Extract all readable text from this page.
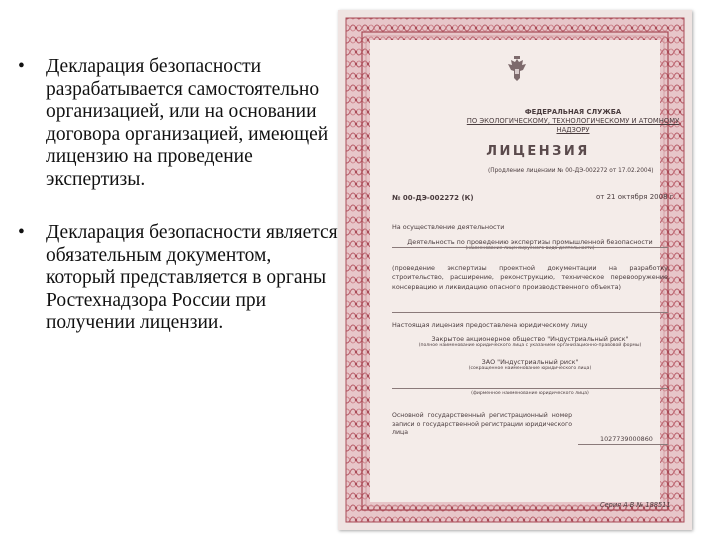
• Декларация безопасности разрабатывается самостоятельно организацией, или на основании договора организацией, имеющей лицензию на проведение экспертизы.
• Декларация безопасности является обязательным документом, который представляется в органы Ростехнадзора России при получении лицензии.
ФЕДЕРАЛЬНАЯ СЛУЖБА
ПО ЭКОЛОГИЧЕСКОМУ, ТЕХНОЛОГИЧЕСКОМУ И АТОМНОМУ НАДЗОРУ
ЛИЦЕНЗИЯ
(Продление лицензии № 00-ДЭ-002272 от 17.02.2004)
№ 00-ДЭ-002272 (К)	от 21 октября 2008 г.
На осуществление деятельности
Деятельность по проведению экспертизы промышленной безопасности
(наименование лицензируемого вида деятельности)
(проведение экспертизы проектной документации на разработку, строительство, расширение, реконструкцию, техническое перевооружение, консервацию и ликвидацию опасного производственного объекта)
Настоящая лицензия предоставлена юридическому лицу
Закрытое акционерное общество "Индустриальный риск"
(полное наименование юридического лица с указанием организационно-правовой формы)
ЗАО "Индустриальный риск"
(сокращенное наименование юридического лица)
(фирменное наименование юридического лица)
Основной государственный регистрационный номер записи о государственной регистрации юридического лица
1027739000860
Серия А В № 188511
